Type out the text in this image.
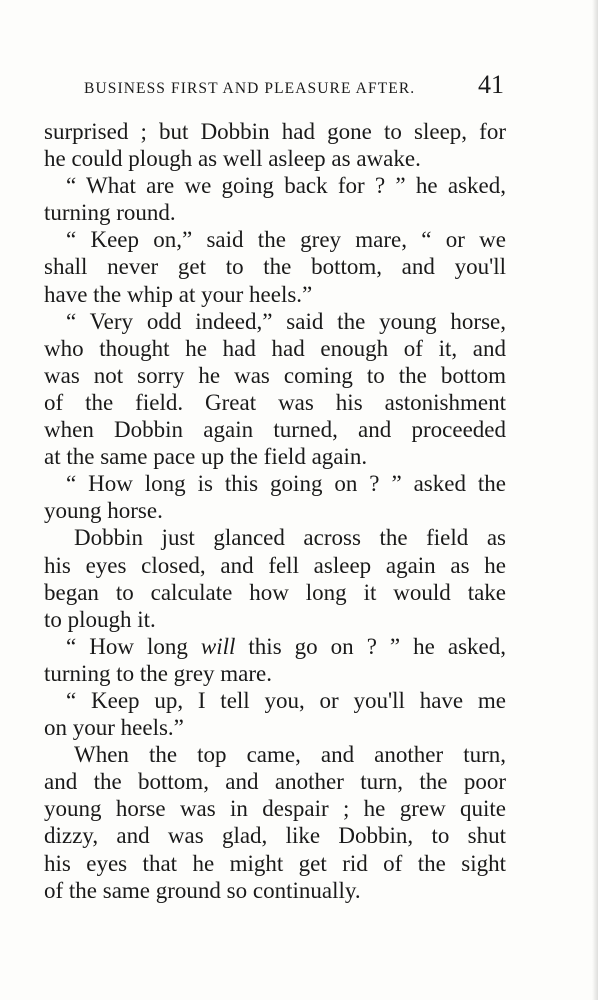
BUSINESS FIRST AND PLEASURE AFTER. 41
surprised ; but Dobbin had gone to sleep, for
he could plough as well asleep as awake.
“ What are we going back for ? ” he asked,
turning round.
“ Keep on,” said the grey mare, “ or we
shall never get to the bottom, and you'll
have the whip at your heels.”
“ Very odd indeed,” said the young horse,
who thought he had had enough of it, and
was not sorry he was coming to the bottom
of the field. Great was his astonishment
when Dobbin again turned, and proceeded
at the same pace up the field again.
“ How long is this going on ? ” asked the
young horse.
Dobbin just glanced across the field as
his eyes closed, and fell asleep again as he
began to calculate how long it would take
to plough it.
“ How long will this go on ? ” he asked,
turning to the grey mare.
“ Keep up, I tell you, or you'll have me
on your heels.”
When the top came, and another turn,
and the bottom, and another turn, the poor
young horse was in despair ; he grew quite
dizzy, and was glad, like Dobbin, to shut
his eyes that he might get rid of the sight
of the same ground so continually.
